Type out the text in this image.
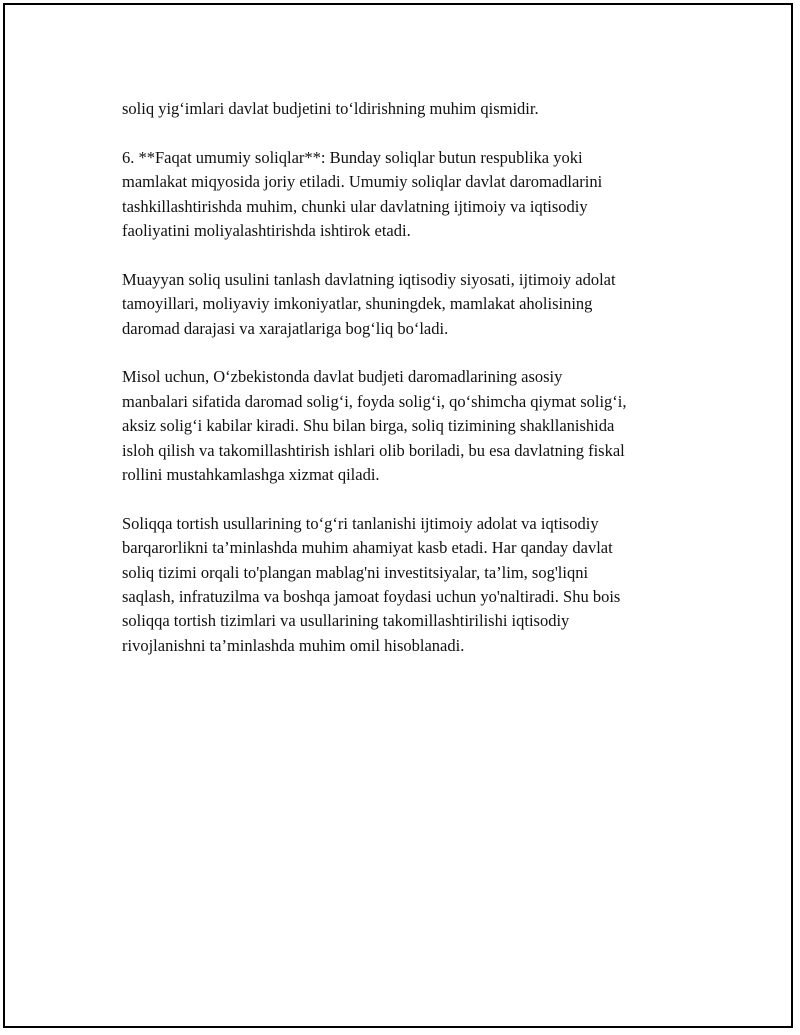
soliq yig‘imlari davlat budjetini to‘ldirishning muhim qismidir.

6. **Faqat umumiy soliqlar**: Bunday soliqlar butun respublika yoki
mamlakat miqyosida joriy etiladi. Umumiy soliqlar davlat daromadlarini
tashkillashtirishda muhim, chunki ular davlatning ijtimoiy va iqtisodiy
faoliyatini moliyalashtirishda ishtirok etadi.

Muayyan soliq usulini tanlash davlatning iqtisodiy siyosati, ijtimoiy adolat
tamoyillari, moliyaviy imkoniyatlar, shuningdek, mamlakat aholisining
daromad darajasi va xarajatlariga bog‘liq bo‘ladi.

Misol uchun, O‘zbekistonda davlat budjeti daromadlarining asosiy
manbalari sifatida daromad solig‘i, foyda solig‘i, qo‘shimcha qiymat solig‘i,
aksiz solig‘i kabilar kiradi. Shu bilan birga, soliq tizimining shakllanishida
isloh qilish va takomillashtirish ishlari olib boriladi, bu esa davlatning fiskal
rollini mustahkamlashga xizmat qiladi.

Soliqqa tortish usullarining to‘g‘ri tanlanishi ijtimoiy adolat va iqtisodiy
barqarorlikni ta’minlashda muhim ahamiyat kasb etadi. Har qanday davlat
soliq tizimi orqali to'plangan mablag'ni investitsiyalar, ta’lim, sog'liqni
saqlash, infratuzilma va boshqa jamoat foydasi uchun yo'naltiradi. Shu bois
soliqqa tortish tizimlari va usullarining takomillashtirilishi iqtisodiy
rivojlanishni ta’minlashda muhim omil hisoblanadi.
